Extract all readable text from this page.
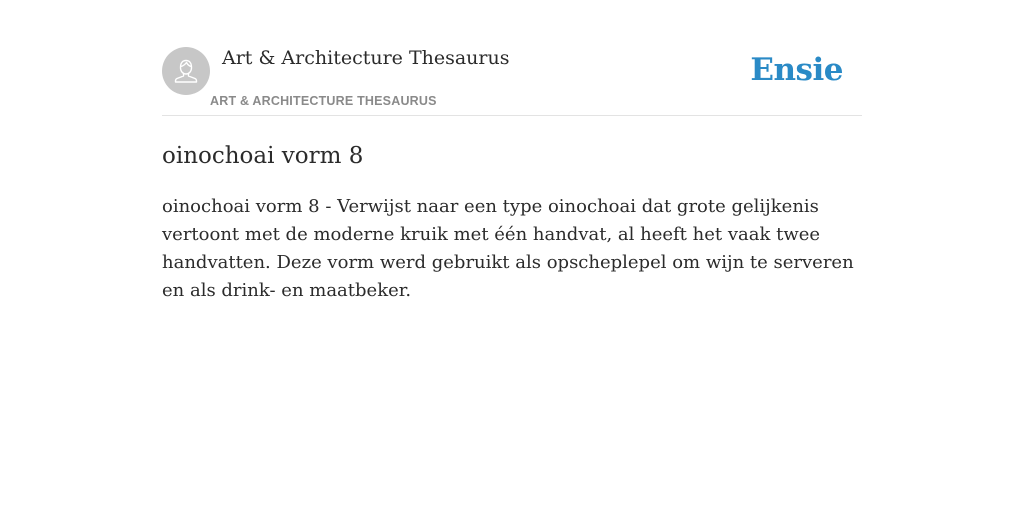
Art & Architecture Thesaurus
ART & ARCHITECTURE THESAURUS
Ensie
oinochoai vorm 8

oinochoai vorm 8 - Verwijst naar een type oinochoai dat grote gelijkenis vertoont met de moderne kruik met één handvat, al heeft het vaak twee handvatten. Deze vorm werd gebruikt als opscheplepel om wijn te serveren en als drink- en maatbeker.
